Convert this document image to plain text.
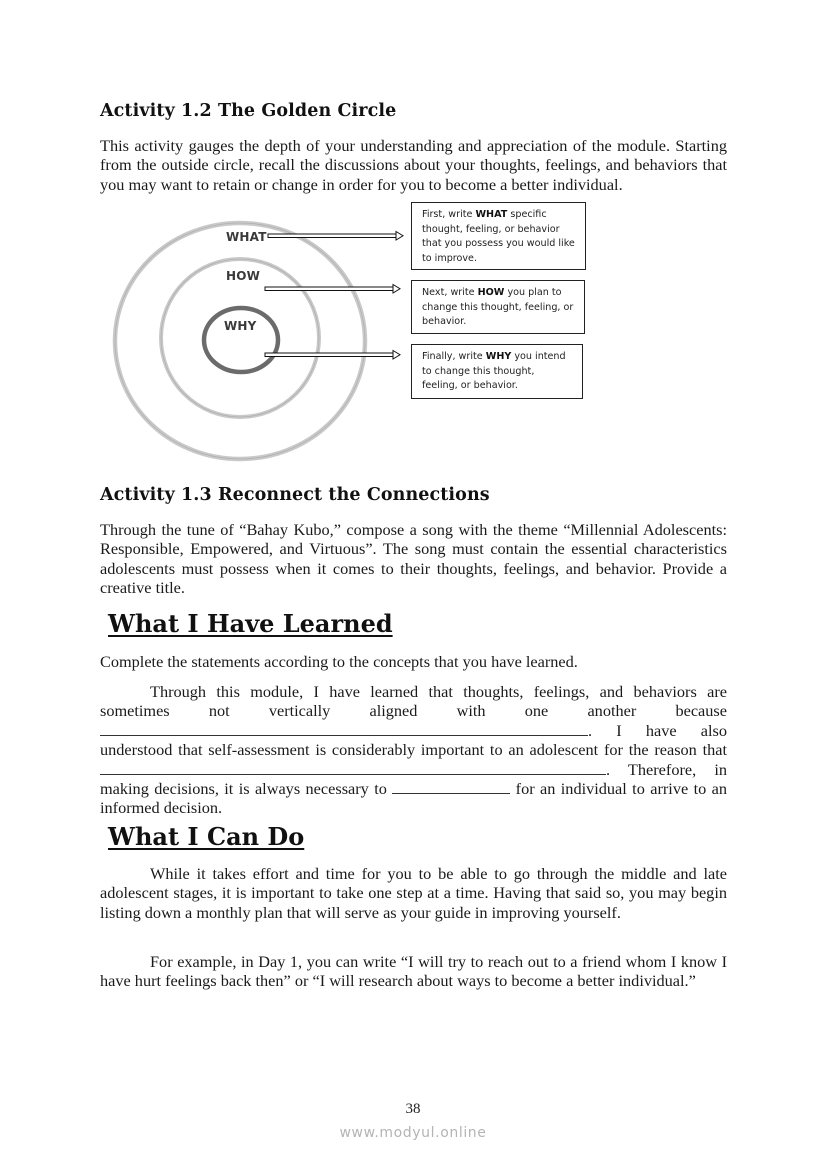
Activity 1.2 The Golden Circle

This activity gauges the depth of your understanding and appreciation of the module. Starting from the outside circle, recall the discussions about your thoughts, feelings, and behaviors that you may want to retain or change in order for you to become a better individual.

WHAT
HOW
WHY
First, write WHAT specific thought, feeling, or behavior that you possess you would like to improve.
Next, write HOW you plan to change this thought, feeling, or behavior.
Finally, write WHY you intend to change this thought, feeling, or behavior.
Activity 1.3 Reconnect the Connections

Through the tune of “Bahay Kubo,” compose a song with the theme “Millennial Adolescents: Responsible, Empowered, and Virtuous”. The song must contain the essential characteristics adolescents must possess when it comes to their thoughts, feelings, and behavior. Provide a creative title.

What I Have Learned

Complete the statements according to the concepts that you have learned.

Through this module, I have learned that thoughts, feelings, and behaviors are sometimes not vertically aligned with one another because . I have also understood that self-assessment is considerably important to an adolescent for the reason that . Therefore, in making decisions, it is always necessary to	for an individual to arrive to an informed decision.

What I Can Do

While it takes effort and time for you to be able to go through the middle and late adolescent stages, it is important to take one step at a time. Having that said so, you may begin listing down a monthly plan that will serve as your guide in improving yourself.

For example, in Day 1, you can write “I will try to reach out to a friend whom I know I have hurt feelings back then” or “I will research about ways to become a better individual.”

38
www.modyul.online
